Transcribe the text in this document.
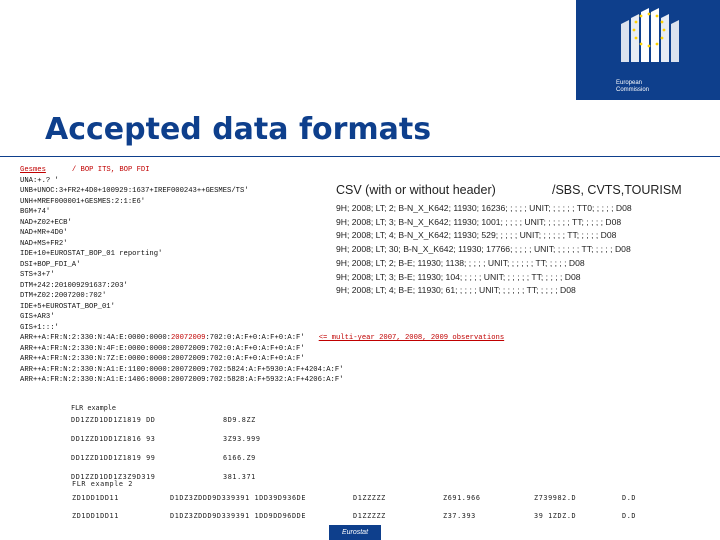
European
Commission
Accepted data formats
Gesmes	/ BOP ITS, BOP FDI
UNA:+.? '
UNB+UNOC:3+FR2+4D0+100929:1637+IREF000243++GESMES/TS'
UNH+MREF000001+GESMES:2:1:E6'
BGM+74'
NAD+Z02+ECB'
NAD+MR+4D0'
NAD+MS+FR2'
IDE+10+EUROSTAT_BOP_01 reporting'
DSI+BOP_FDI_A'
STS+3+7'
DTM+242:201009291637:203'
DTM+Z02:2007200:702'
IDE+5+EUROSTAT_BOP_01'
GIS+AR3'
GIS+1:::'
ARR++A:FR:N:2:330:N:4A:E:0000:0000:20072009:702:0:A:F+0:A:F+0:A:F' <= multi-year 2007, 2008, 2009 observations
ARR++A:FR:N:2:330:N:4F:E:0000:0000:20072009:702:0:A:F+0:A:F+0:A:F'
ARR++A:FR:N:2:330:N:7Z:E:0000:0000:20072009:702:0:A:F+0:A:F+0:A:F'
ARR++A:FR:N:2:330:N:A1:E:1100:0000:20072009:702:5824:A:F+5930:A:F+4204:A:F'
ARR++A:FR:N:2:330:N:A1:E:1406:0000:20072009:702:5828:A:F+5932:A:F+4206:A:F'
CSV (with or without header)	/SBS, CVTS,TOURISM
9H; 2008; LT; 2; B-N_X_K642; 11930; 16236; ; ; ; ; UNIT; ; ; ; ; ; TT0; ; ; ; ; D08
9H; 2008; LT; 3; B-N_X_K642; 11930; 1001; ; ; ; ; UNIT; ; ; ; ; ; TT; ; ; ; ; D08
9H; 2008; LT; 4; B-N_X_K642; 11930; 529; ; ; ; ; UNIT; ; ; ; ; ; TT; ; ; ; ; D08
9H; 2008; LT; 30; B-N_X_K642; 11930; 17766; ; ; ; ; UNIT; ; ; ; ; ; TT; ; ; ; ; D08
9H; 2008; LT; 2; B-E; 11930; 1138; ; ; ; ; UNIT; ; ; ; ; ; TT; ; ; ; ; D08
9H; 2008; LT; 3; B-E; 11930; 104; ; ; ; ; UNIT; ; ; ; ; ; TT; ; ; ; ; D08
9H; 2008; LT; 4; B-E; 11930; 61; ; ; ; ; UNIT; ; ; ; ; ; TT; ; ; ; ; D08
FLR example
DD1ZZD1DD1Z1819 DD	8D9.8ZZ
DD1ZZD1DD1Z1816 93	3Z93.999
DD1ZZD1DD1Z1819 99	6166.Z9
DD1ZZD1DD1Z3Z9D319	381.371
FLR example 2
ZD1DD1DD11	D1DZ3ZDDD9D339391 1DD39D936DE	D1ZZZZZ	Z691.966	Z739982.D	D.D
ZD1DD1DD11	D1DZ3ZDDD9D339391 1DD9DD96DDE	D1ZZZZZ	Z37.393	39 1ZDZ.D	D.D
Eurostat
